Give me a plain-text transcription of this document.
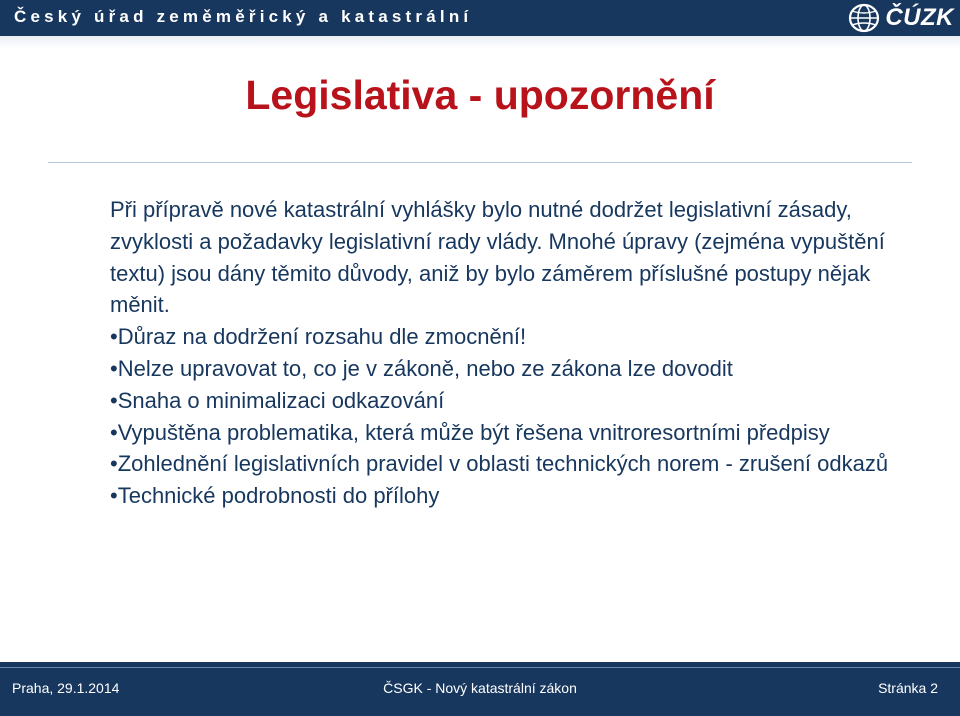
Český úřad zeměměřický a katastrální	ČÚZK
Legislativa - upozornění

Při přípravě nové katastrální vyhlášky bylo nutné dodržet legislativní zásady, zvyklosti a požadavky legislativní rady vlády. Mnohé úpravy (zejména vypuštění textu) jsou dány těmito důvody, aniž by bylo záměrem příslušné postupy nějak měnit.

• Důraz na dodržení rozsahu dle zmocnění!

• Nelze upravovat to, co je v zákoně, nebo ze zákona lze dovodit

• Snaha o minimalizaci odkazování

• Vypuštěna problematika, která může být řešena vnitroresortními předpisy

• Zohlednění legislativních pravidel v oblasti technických norem - zrušení odkazů

• Technické podrobnosti do přílohy

Praha, 29.1.2014	ČSGK - Nový katastrální zákon	Stránka 2
